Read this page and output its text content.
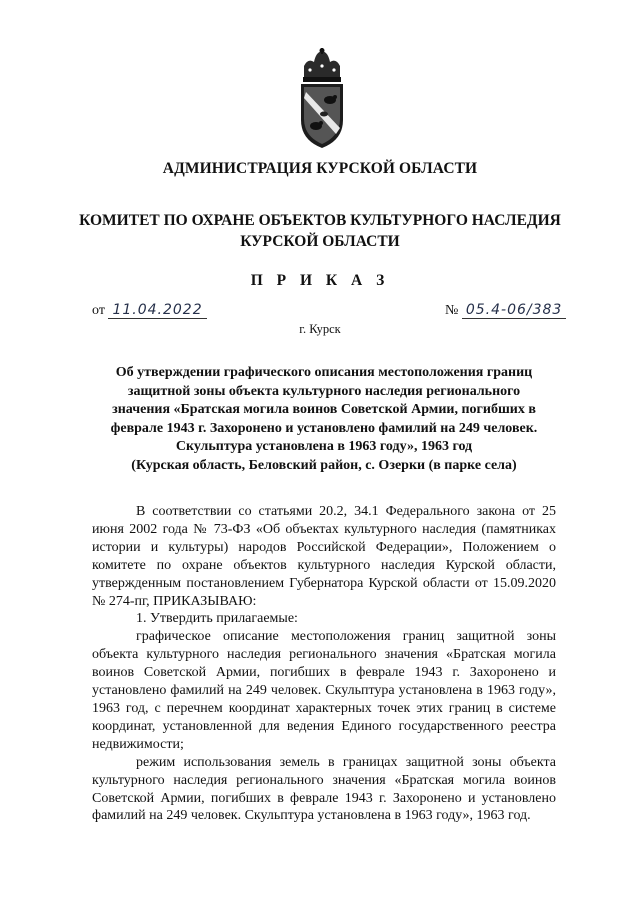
АДМИНИСТРАЦИЯ КУРСКОЙ ОБЛАСТИ
КОМИТЕТ ПО ОХРАНЕ ОБЪЕКТОВ КУЛЬТУРНОГО НАСЛЕДИЯ
КУРСКОЙ ОБЛАСТИ
П Р И К А З
от 11.04.2022	№ 05.4-06/383
г. Курск
Об утверждении графического описания местоположения границ
защитной зоны объекта культурного наследия регионального
значения «Братская могила воинов Советской Армии, погибших в
феврале 1943 г. Захоронено и установлено фамилий на 249 человек.
Скульптура установлена в 1963 году», 1963 год
(Курская область, Беловский район, с. Озерки (в парке села)

В соответствии со статьями 20.2, 34.1 Федерального закона от 25 июня 2002 года № 73-ФЗ «Об объектах культурного наследия (памятниках истории и культуры) народов Российской Федерации», Положением о комитете по охране объектов культурного наследия Курской области, утвержденным постановлением Губернатора Курской области от 15.09.2020 № 274-пг, ПРИКАЗЫВАЮ:

1. Утвердить прилагаемые:

графическое описание местоположения границ защитной зоны объекта культурного наследия регионального значения «Братская могила воинов Советской Армии, погибших в феврале 1943 г. Захоронено и установлено фамилий на 249 человек. Скульптура установлена в 1963 году», 1963 год, с перечнем координат характерных точек этих границ в системе координат, установленной для ведения Единого государственного реестра недвижимости;

режим использования земель в границах защитной зоны объекта культурного наследия регионального значения «Братская могила воинов Советской Армии, погибших в феврале 1943 г. Захоронено и установлено фамилий на 249 человек. Скульптура установлена в 1963 году», 1963 год.
